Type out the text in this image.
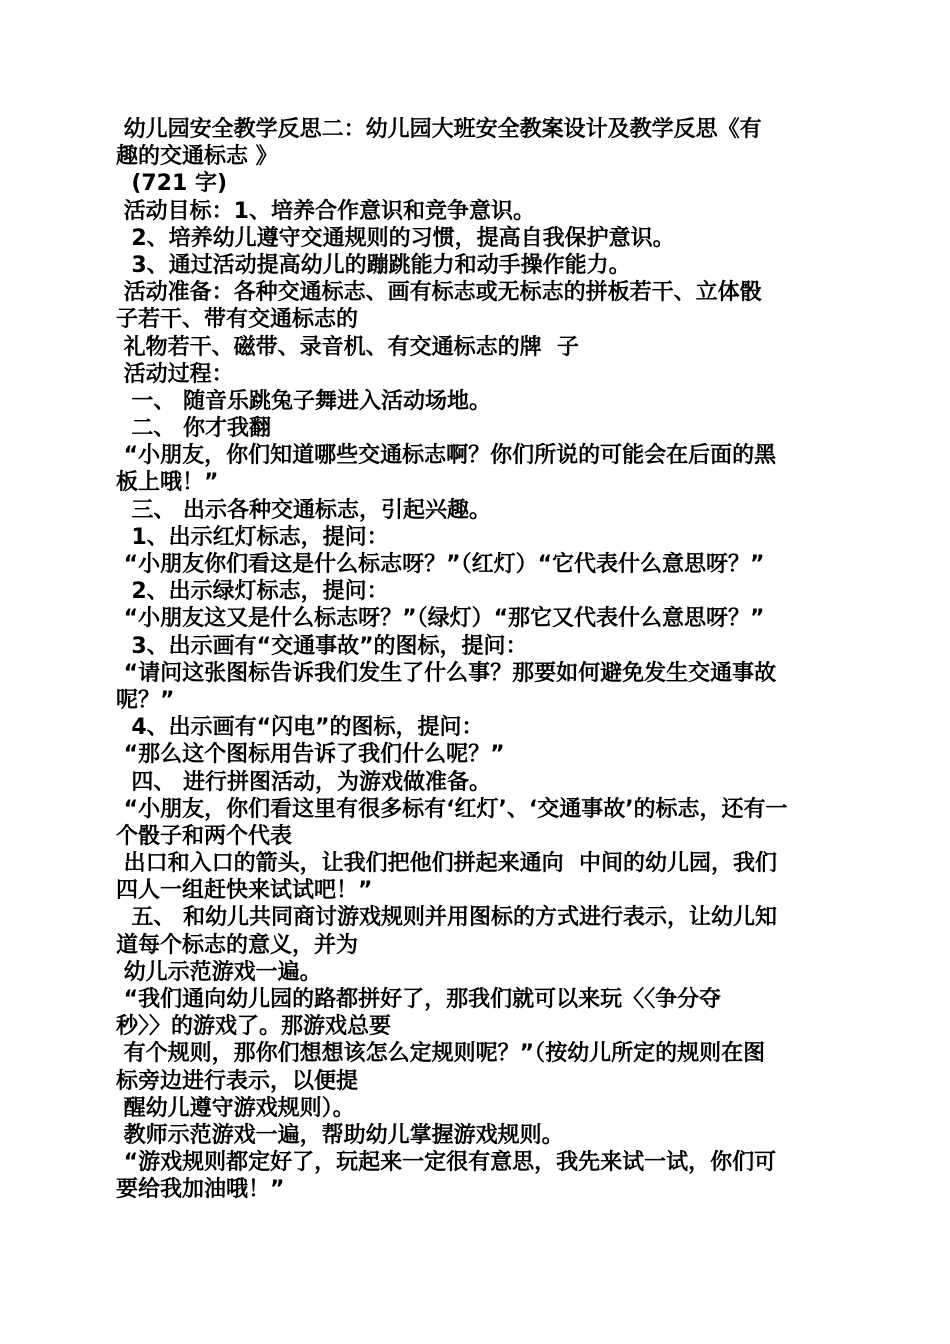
幼儿园安全教学反思二：幼儿园大班安全教案设计及教学反思《有
趣的交通标志 》
(721 字)
活动目标：1、培养合作意识和竞争意识。
2、培养幼儿遵守交通规则的习惯，提高自我保护意识。
3、通过活动提高幼儿的蹦跳能力和动手操作能力。
活动准备：各种交通标志、画有标志或无标志的拼板若干、立体骰
子若干、带有交通标志的
礼物若干、磁带、录音机、有交通标志的牌  子
活动过程：
一、 随音乐跳兔子舞进入活动场地。
二、 你才我翻
“小朋友，你们知道哪些交通标志啊？你们所说的可能会在后面的黑
板上哦！”
三、 出示各种交通标志，引起兴趣。
1、出示红灯标志，提问：
“小朋友你们看这是什么标志呀？”（红灯）“它代表什么意思呀？”
2、出示绿灯标志，提问：
“小朋友这又是什么标志呀？”（绿灯）“那它又代表什么意思呀？”
3、出示画有“交通事故”的图标，提问：
“请问这张图标告诉我们发生了什么事？那要如何避免发生交通事故
呢？”
4、出示画有“闪电”的图标，提问：
“那么这个图标用告诉了我们什么呢？”
四、 进行拼图活动，为游戏做准备。
“小朋友，你们看这里有很多标有‘红灯’、‘交通事故’的标志，还有一
个骰子和两个代表
出口和入口的箭头，让我们把他们拼起来通向  中间的幼儿园，我们
四人一组赶快来试试吧！”
五、 和幼儿共同商讨游戏规则并用图标的方式进行表示，让幼儿知
道每个标志的意义，并为
幼儿示范游戏一遍。
“我们通向幼儿园的路都拼好了，那我们就可以来玩〈〈争分夺
秒〉〉的游戏了。那游戏总要
有个规则，那你们想想该怎么定规则呢？”（按幼儿所定的规则在图
标旁边进行表示，以便提
醒幼儿遵守游戏规则）。
教师示范游戏一遍，帮助幼儿掌握游戏规则。
“游戏规则都定好了，玩起来一定很有意思，我先来试一试，你们可
要给我加油哦！”
